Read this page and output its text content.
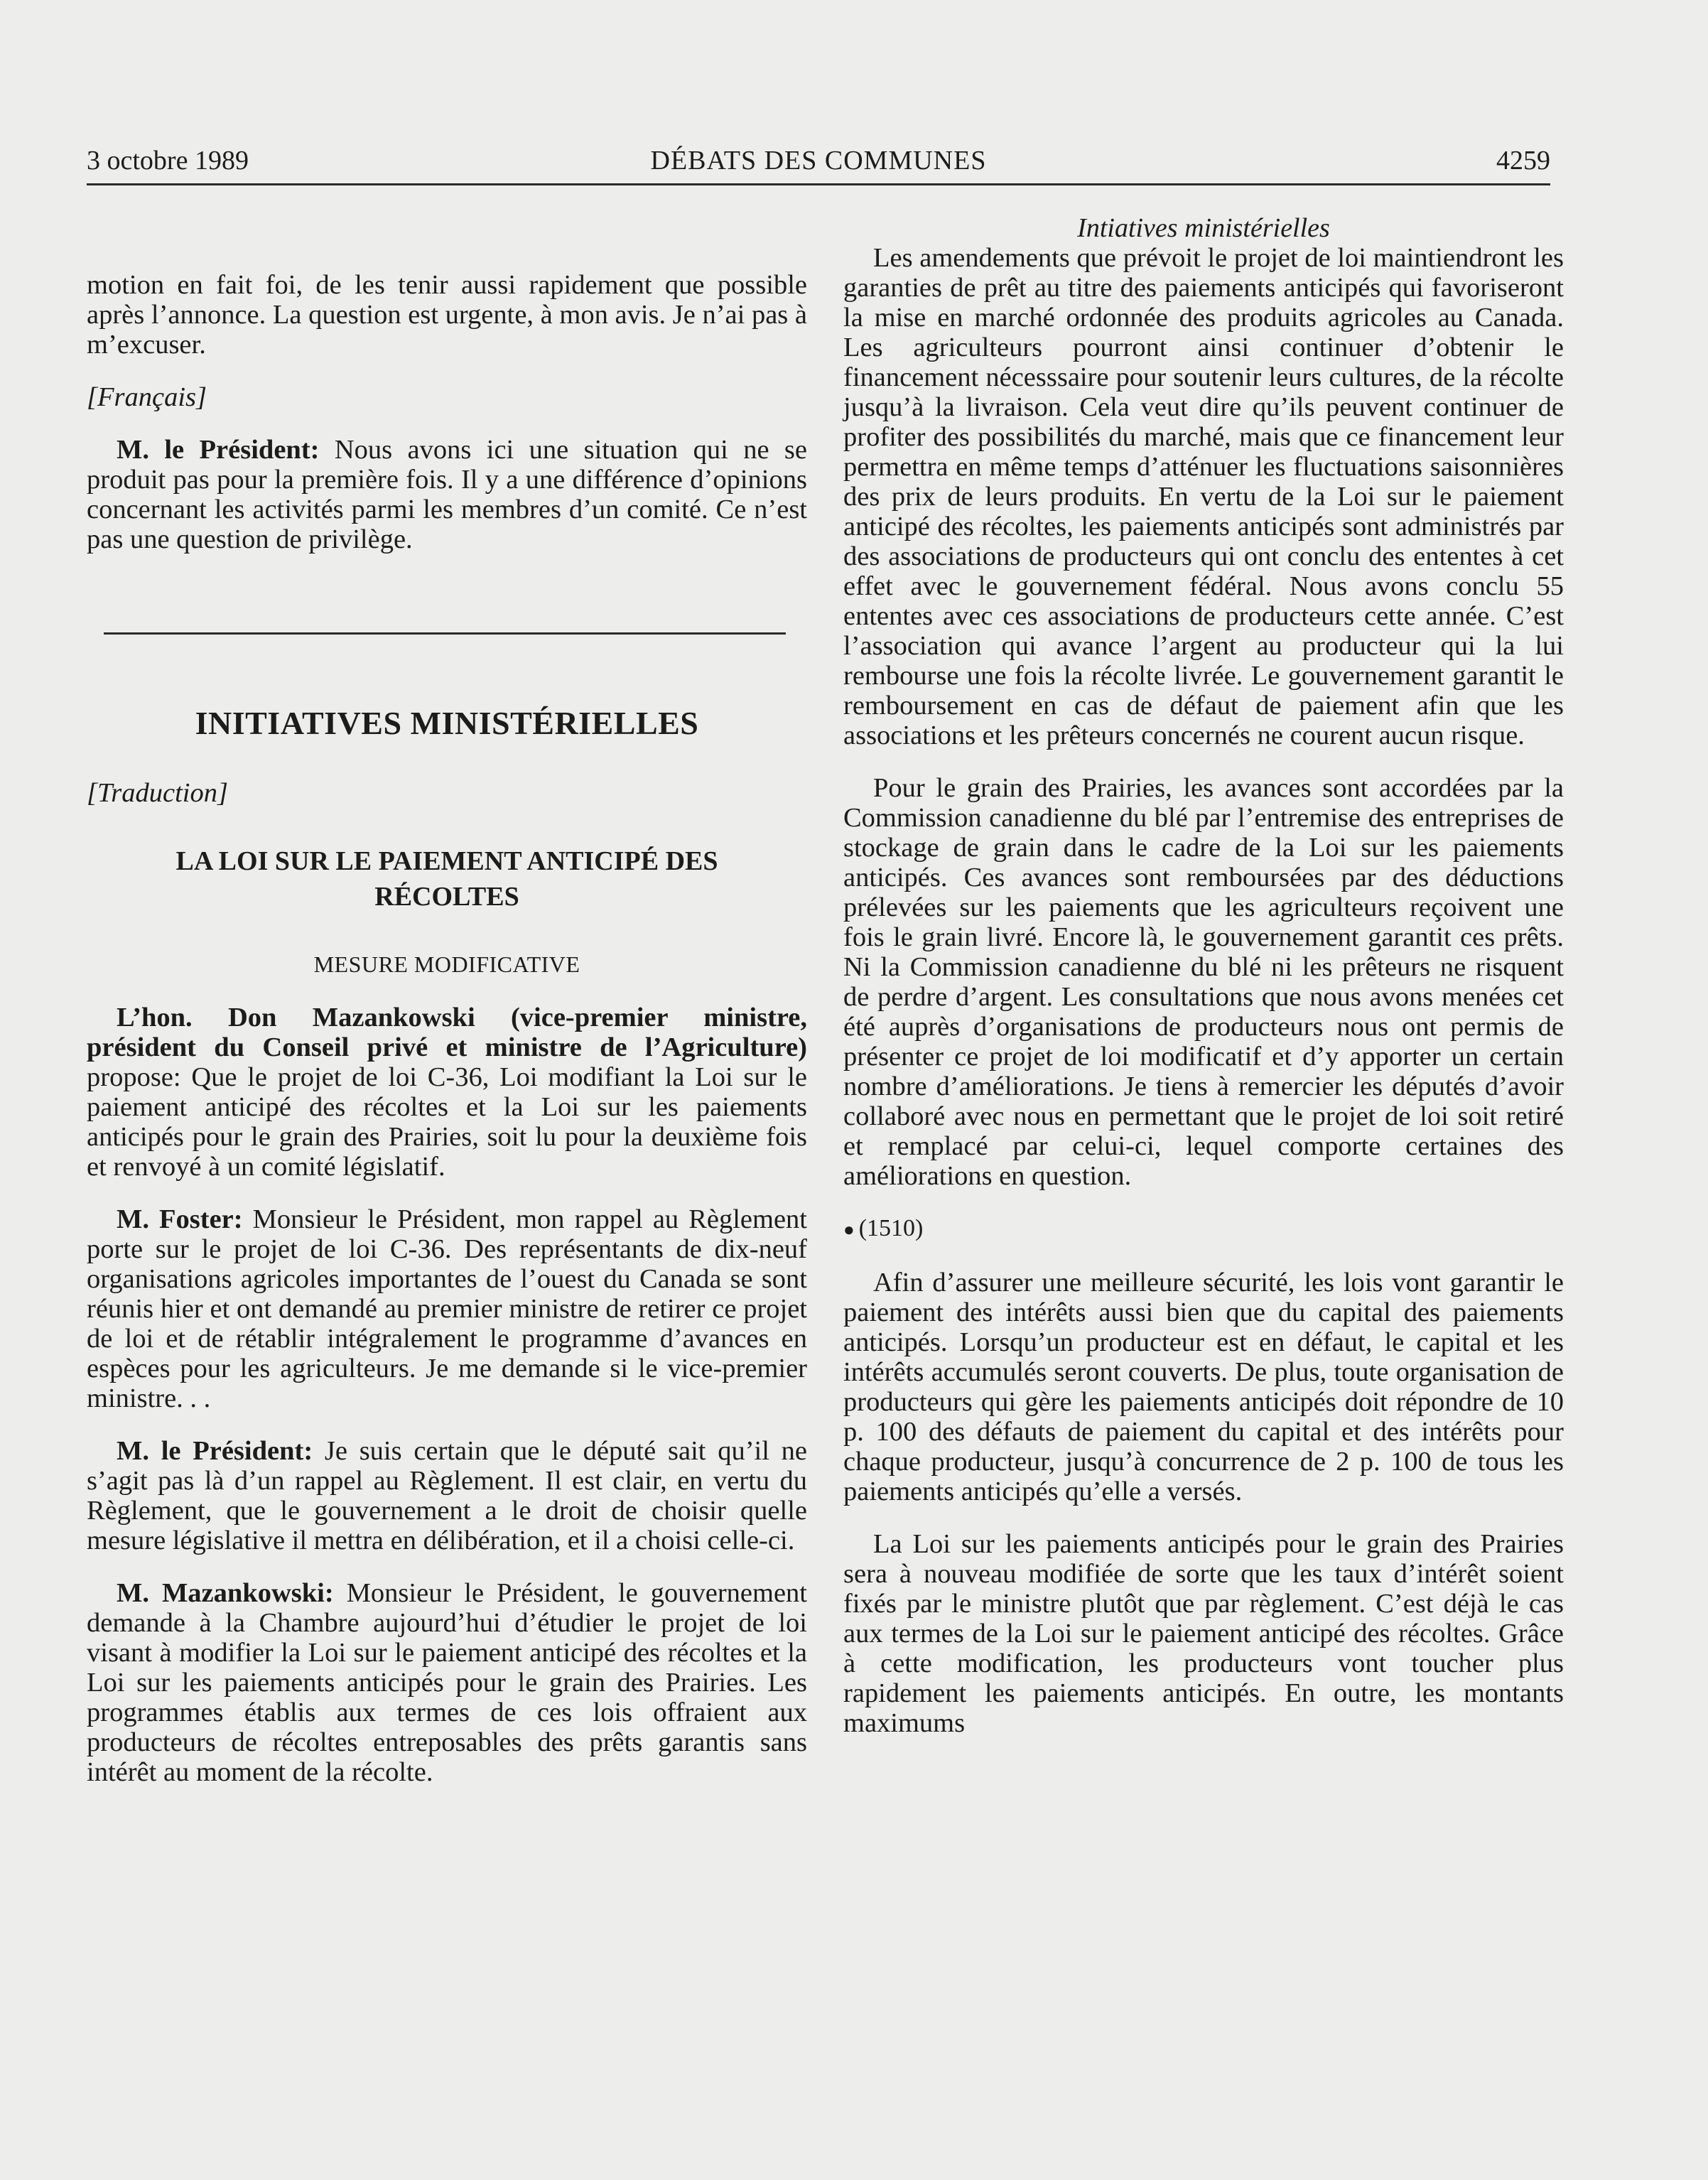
3 octobre 1989	DÉBATS DES COMMUNES	4259

motion en fait foi, de les tenir aussi rapidement que possible après l’annonce. La question est urgente, à mon avis. Je n’ai pas à m’excuser.

[Français]

M. le Président: Nous avons ici une situation qui ne se produit pas pour la première fois. Il y a une différence d’opinions concernant les activités parmi les membres d’un comité. Ce n’est pas une question de privilège.

INITIATIVES MINISTÉRIELLES

[Traduction]

LA LOI SUR LE PAIEMENT ANTICIPÉ DES
RÉCOLTES

MESURE MODIFICATIVE

L’hon. Don Mazankowski (vice-premier ministre, président du Conseil privé et ministre de l’Agriculture) propose: Que le projet de loi C-36, Loi modifiant la Loi sur le paiement anticipé des récoltes et la Loi sur les paiements anticipés pour le grain des Prairies, soit lu pour la deuxième fois et renvoyé à un comité législatif.

M. Foster: Monsieur le Président, mon rappel au Règlement porte sur le projet de loi C-36. Des représentants de dix-neuf organisations agricoles importantes de l’ouest du Canada se sont réunis hier et ont demandé au premier ministre de retirer ce projet de loi et de rétablir intégralement le programme d’avances en espèces pour les agriculteurs. Je me demande si le vice-premier ministre. . .

M. le Président: Je suis certain que le député sait qu’il ne s’agit pas là d’un rappel au Règlement. Il est clair, en vertu du Règlement, que le gouvernement a le droit de choisir quelle mesure législative il mettra en délibération, et il a choisi celle-ci.

M. Mazankowski: Monsieur le Président, le gouvernement demande à la Chambre aujourd’hui d’étudier le projet de loi visant à modifier la Loi sur le paiement anticipé des récoltes et la Loi sur les paiements anticipés pour le grain des Prairies. Les programmes établis aux termes de ces lois offraient aux producteurs de récoltes entreposables des prêts garantis sans intérêt au moment de la récolte.

Intiatives ministérielles

Les amendements que prévoit le projet de loi maintiendront les garanties de prêt au titre des paiements anticipés qui favoriseront la mise en marché ordonnée des produits agricoles au Canada. Les agriculteurs pourront ainsi continuer d’obtenir le financement nécesssaire pour soutenir leurs cultures, de la récolte jusqu’à la livraison. Cela veut dire qu’ils peuvent continuer de profiter des possibilités du marché, mais que ce financement leur permettra en même temps d’atténuer les fluctuations saisonnières des prix de leurs produits. En vertu de la Loi sur le paiement anticipé des récoltes, les paiements anticipés sont administrés par des associations de producteurs qui ont conclu des ententes à cet effet avec le gouvernement fédéral. Nous avons conclu 55 ententes avec ces associations de producteurs cette année. C’est l’association qui avance l’argent au producteur qui la lui rembourse une fois la récolte livrée. Le gouvernement garantit le remboursement en cas de défaut de paiement afin que les associations et les prêteurs concernés ne courent aucun risque.

Pour le grain des Prairies, les avances sont accordées par la Commission canadienne du blé par l’entremise des entreprises de stockage de grain dans le cadre de la Loi sur les paiements anticipés. Ces avances sont remboursées par des déductions prélevées sur les paiements que les agriculteurs reçoivent une fois le grain livré. Encore là, le gouvernement garantit ces prêts. Ni la Commission canadienne du blé ni les prêteurs ne risquent de perdre d’argent. Les consultations que nous avons menées cet été auprès d’organisations de producteurs nous ont permis de présenter ce projet de loi modificatif et d’y apporter un certain nombre d’améliorations. Je tiens à remercier les députés d’avoir collaboré avec nous en permettant que le projet de loi soit retiré et remplacé par celui-ci, lequel comporte certaines des améliorations en question.

● (1510)

Afin d’assurer une meilleure sécurité, les lois vont garantir le paiement des intérêts aussi bien que du capital des paiements anticipés. Lorsqu’un producteur est en défaut, le capital et les intérêts accumulés seront couverts. De plus, toute organisation de producteurs qui gère les paiements anticipés doit répondre de 10 p. 100 des défauts de paiement du capital et des intérêts pour chaque producteur, jusqu’à concurrence de 2 p. 100 de tous les paiements anticipés qu’elle a versés.

La Loi sur les paiements anticipés pour le grain des Prairies sera à nouveau modifiée de sorte que les taux d’intérêt soient fixés par le ministre plutôt que par règlement. C’est déjà le cas aux termes de la Loi sur le paiement anticipé des récoltes. Grâce à cette modification, les producteurs vont toucher plus rapidement les paiements anticipés. En outre, les montants maximums
